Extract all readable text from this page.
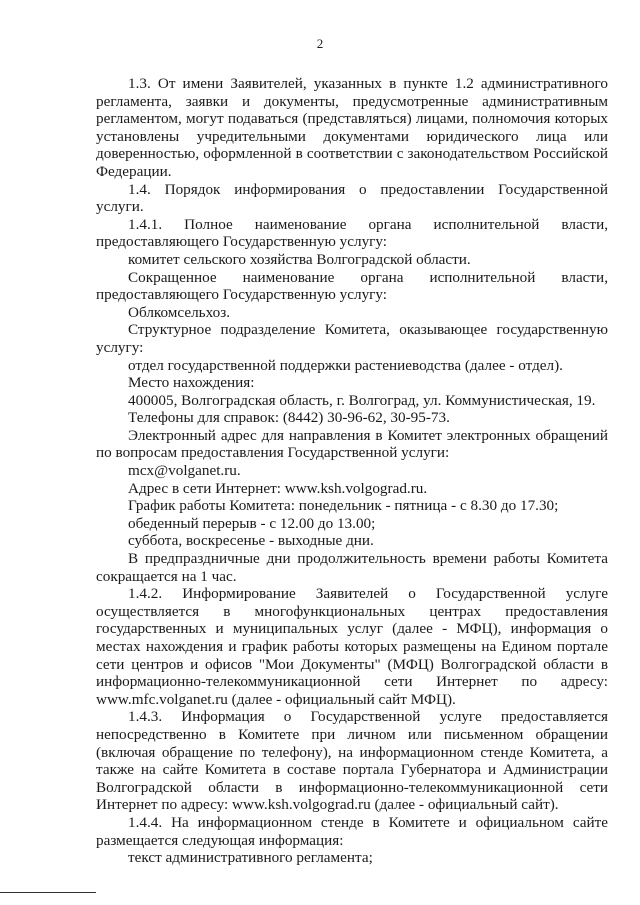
2

1.3. От имени Заявителей, указанных в пункте 1.2 административного регламента, заявки и документы, предусмотренные административным регламентом, могут подаваться (представляться) лицами, полномочия которых установлены учредительными документами юридического лица или доверенностью, оформленной в соответствии с законодательством Российской Федерации.

1.4. Порядок информирования о предоставлении Государственной услуги.

1.4.1. Полное наименование органа исполнительной власти, предоставляющего Государственную услугу:

комитет сельского хозяйства Волгоградской области.

Сокращенное наименование органа исполнительной власти, предоставляющего Государственную услугу:

Облкомсельхоз.

Структурное подразделение Комитета, оказывающее государственную услугу:

отдел государственной поддержки растениеводства (далее - отдел).

Место нахождения:

400005, Волгоградская область, г. Волгоград, ул. Коммунистическая, 19.

Телефоны для справок: (8442) 30-96-62, 30-95-73.

Электронный адрес для направления в Комитет электронных обращений по вопросам предоставления Государственной услуги:

mcx@volganet.ru.

Адрес в сети Интернет: www.ksh.volgograd.ru.

График работы Комитета: понедельник - пятница - с 8.30 до 17.30;

обеденный перерыв - с 12.00 до 13.00;

суббота, воскресенье - выходные дни.

В предпраздничные дни продолжительность времени работы Комитета сокращается на 1 час.

1.4.2. Информирование Заявителей о Государственной услуге осуществляется в многофункциональных центрах предоставления государственных и муниципальных услуг (далее - МФЦ), информация о местах нахождения и график работы которых размещены на Едином портале сети центров и офисов "Мои Документы" (МФЦ) Волгоградской области в информационно-телекоммуникационной сети Интернет по адресу: www.mfc.volganet.ru (далее - официальный сайт МФЦ).

1.4.3. Информация о Государственной услуге предоставляется непосредственно в Комитете при личном или письменном обращении (включая обращение по телефону), на информационном стенде Комитета, а также на сайте Комитета в составе портала Губернатора и Администрации Волгоградской области в информационно-телекоммуникационной сети Интернет по адресу: www.ksh.volgograd.ru (далее - официальный сайт).

1.4.4. На информационном стенде в Комитете и официальном сайте размещается следующая информация:

текст административного регламента;
